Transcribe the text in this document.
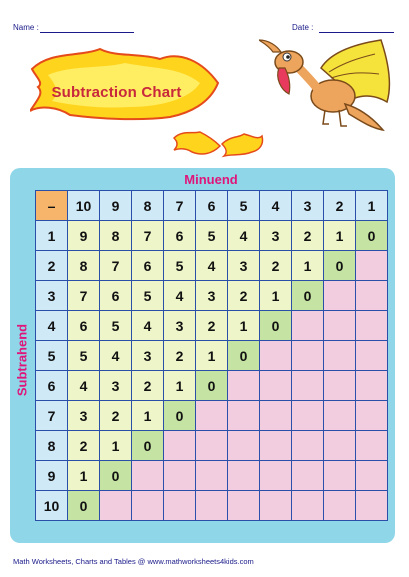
Name :	Date :
Subtraction Chart
Minuend
Subtrahend
–	10	9	8	7	6	5	4	3	2	1
1	9	8	7	6	5	4	3	2	1	0
2	8	7	6	5	4	3	2	1	0	
3	7	6	5	4	3	2	1	0		
4	6	5	4	3	2	1	0			
5	5	4	3	2	1	0				
6	4	3	2	1	0					
7	3	2	1	0						
8	2	1	0							
9	1	0								
10	0									
Math Worksheets, Charts and Tables @ www.mathworksheets4kids.com
